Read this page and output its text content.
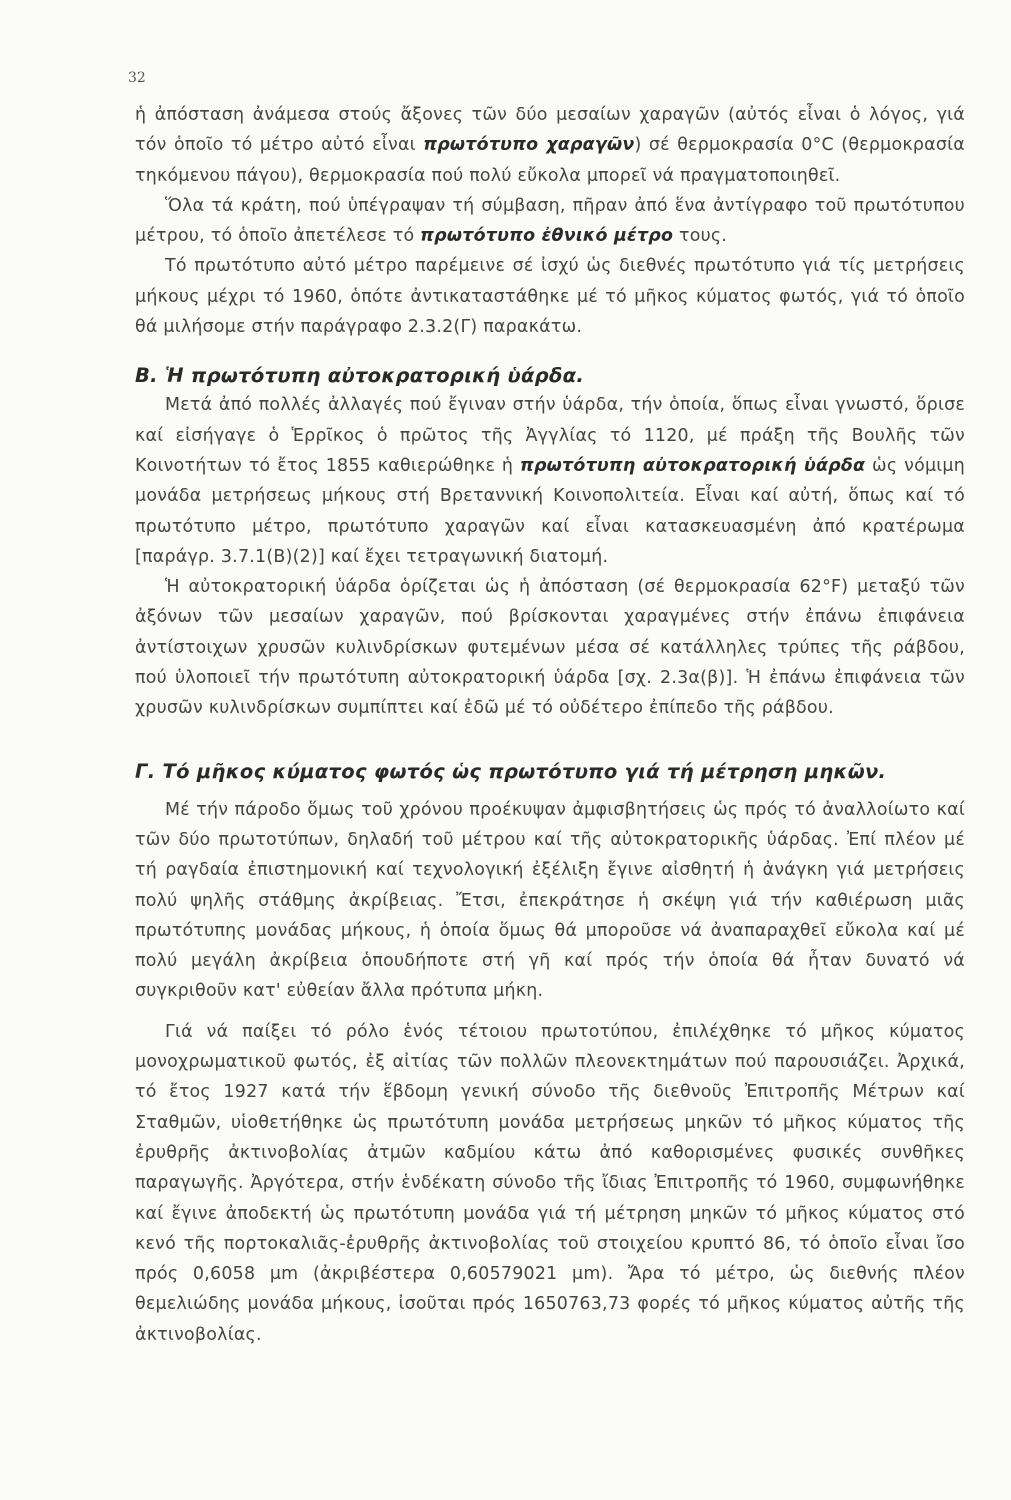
32

ἡ ἀπόσταση ἀνάμεσα στούς ἄξονες τῶν δύο μεσαίων χαραγῶν (αὐτός εἶναι ὁ λόγος, γιά τόν ὁποῖο τό μέτρο αὐτό εἶναι πρωτότυπο χαραγῶν) σέ θερμοκρασία 0°C (θερμοκρασία τηκόμενου πάγου), θερμοκρασία πού πολύ εὔκολα μπορεῖ νά πραγματοποιηθεῖ.

Ὅλα τά κράτη, πού ὑπέγραψαν τή σύμβαση, πῆραν ἀπό ἕνα ἀντίγραφο τοῦ πρωτότυπου μέτρου, τό ὁποῖο ἀπετέλεσε τό πρωτότυπο ἐθνικό μέτρο τους.

Τό πρωτότυπο αὐτό μέτρο παρέμεινε σέ ἰσχύ ὡς διεθνές πρωτότυπο γιά τίς μετρήσεις μήκους μέχρι τό 1960, ὁπότε ἀντικαταστάθηκε μέ τό μῆκος κύματος φωτός, γιά τό ὁποῖο θά μιλήσομε στήν παράγραφο 2.3.2(Γ) παρακάτω.

Β. Ἡ πρωτότυπη αὐτοκρατορική ὑάρδα.

Μετά ἀπό πολλές ἀλλαγές πού ἔγιναν στήν ὑάρδα, τήν ὁποία, ὅπως εἶναι γνωστό, ὅρισε καί εἰσήγαγε ὁ Ἑρρῖκος ὁ πρῶτος τῆς Ἀγγλίας τό 1120, μέ πράξη τῆς Βουλῆς τῶν Κοινοτήτων τό ἔτος 1855 καθιερώθηκε ἡ πρωτότυπη αὐτοκρατορική ὑάρδα ὡς νόμιμη μονάδα μετρήσεως μήκους στή Βρεταννική Κοινοπολιτεία. Εἶναι καί αὐτή, ὅπως καί τό πρωτότυπο μέτρο, πρωτότυπο χαραγῶν καί εἶναι κατασκευασμένη ἀπό κρατέρωμα [παράγρ. 3.7.1(Β)(2)] καί ἔχει τετραγωνική διατομή.

Ἡ αὐτοκρατορική ὑάρδα ὁρίζεται ὡς ἡ ἀπόσταση (σέ θερμοκρασία 62°F) μεταξύ τῶν ἀξόνων τῶν μεσαίων χαραγῶν, πού βρίσκονται χαραγμένες στήν ἐπάνω ἐπιφάνεια ἀντίστοιχων χρυσῶν κυλινδρίσκων φυτεμένων μέσα σέ κατάλληλες τρύπες τῆς ράβδου, πού ὑλοποιεῖ τήν πρωτότυπη αὐτοκρατορική ὑάρδα [σχ. 2.3α(β)]. Ἡ ἐπάνω ἐπιφάνεια τῶν χρυσῶν κυλινδρίσκων συμπίπτει καί ἐδῶ μέ τό οὐδέτερο ἐπίπεδο τῆς ράβδου.

Γ. Τό μῆκος κύματος φωτός ὡς πρωτότυπο γιά τή μέτρηση μηκῶν.

Μέ τήν πάροδο ὅμως τοῦ χρόνου προέκυψαν ἀμφισβητήσεις ὡς πρός τό ἀναλλοίωτο καί τῶν δύο πρωτοτύπων, δηλαδή τοῦ μέτρου καί τῆς αὐτοκρατορικῆς ὑάρδας. Ἐπί πλέον μέ τή ραγδαία ἐπιστημονική καί τεχνολογική ἐξέλιξη ἔγινε αἰσθητή ἡ ἀνάγκη γιά μετρήσεις πολύ ψηλῆς στάθμης ἀκρίβειας. Ἔτσι, ἐπεκράτησε ἡ σκέψη γιά τήν καθιέρωση μιᾶς πρωτότυπης μονάδας μήκους, ἡ ὁποία ὅμως θά μποροῦσε νά ἀναπαραχθεῖ εὔκολα καί μέ πολύ μεγάλη ἀκρίβεια ὁπουδήποτε στή γῆ καί πρός τήν ὁποία θά ἦταν δυνατό νά συγκριθοῦν κατ' εὐθείαν ἄλλα πρότυπα μήκη.

Γιά νά παίξει τό ρόλο ἑνός τέτοιου πρωτοτύπου, ἐπιλέχθηκε τό μῆκος κύματος μονοχρωματικοῦ φωτός, ἐξ αἰτίας τῶν πολλῶν πλεονεκτημάτων πού παρουσιάζει. Ἀρχικά, τό ἔτος 1927 κατά τήν ἕβδομη γενική σύνοδο τῆς διεθνοῦς Ἐπιτροπῆς Μέτρων καί Σταθμῶν, υἱοθετήθηκε ὡς πρωτότυπη μονάδα μετρήσεως μηκῶν τό μῆκος κύματος τῆς ἐρυθρῆς ἀκτινοβολίας ἀτμῶν καδμίου κάτω ἀπό καθορισμένες φυσικές συνθῆκες παραγωγῆς. Ἀργότερα, στήν ἑνδέκατη σύνοδο τῆς ἴδιας Ἐπιτροπῆς τό 1960, συμφωνήθηκε καί ἔγινε ἀποδεκτή ὡς πρωτότυπη μονάδα γιά τή μέτρηση μηκῶν τό μῆκος κύματος στό κενό τῆς πορτοκαλιᾶς-ἐρυθρῆς ἀκτινοβολίας τοῦ στοιχείου κρυπτό 86, τό ὁποῖο εἶναι ἴσο πρός 0,6058 μm (ἀκριβέστερα 0,60579021 μm). Ἄρα τό μέτρο, ὡς διεθνής πλέον θεμελιώδης μονάδα μήκους, ἰσοῦται πρός 1650763,73 φορές τό μῆκος κύματος αὐτῆς τῆς ἀκτινοβολίας.
